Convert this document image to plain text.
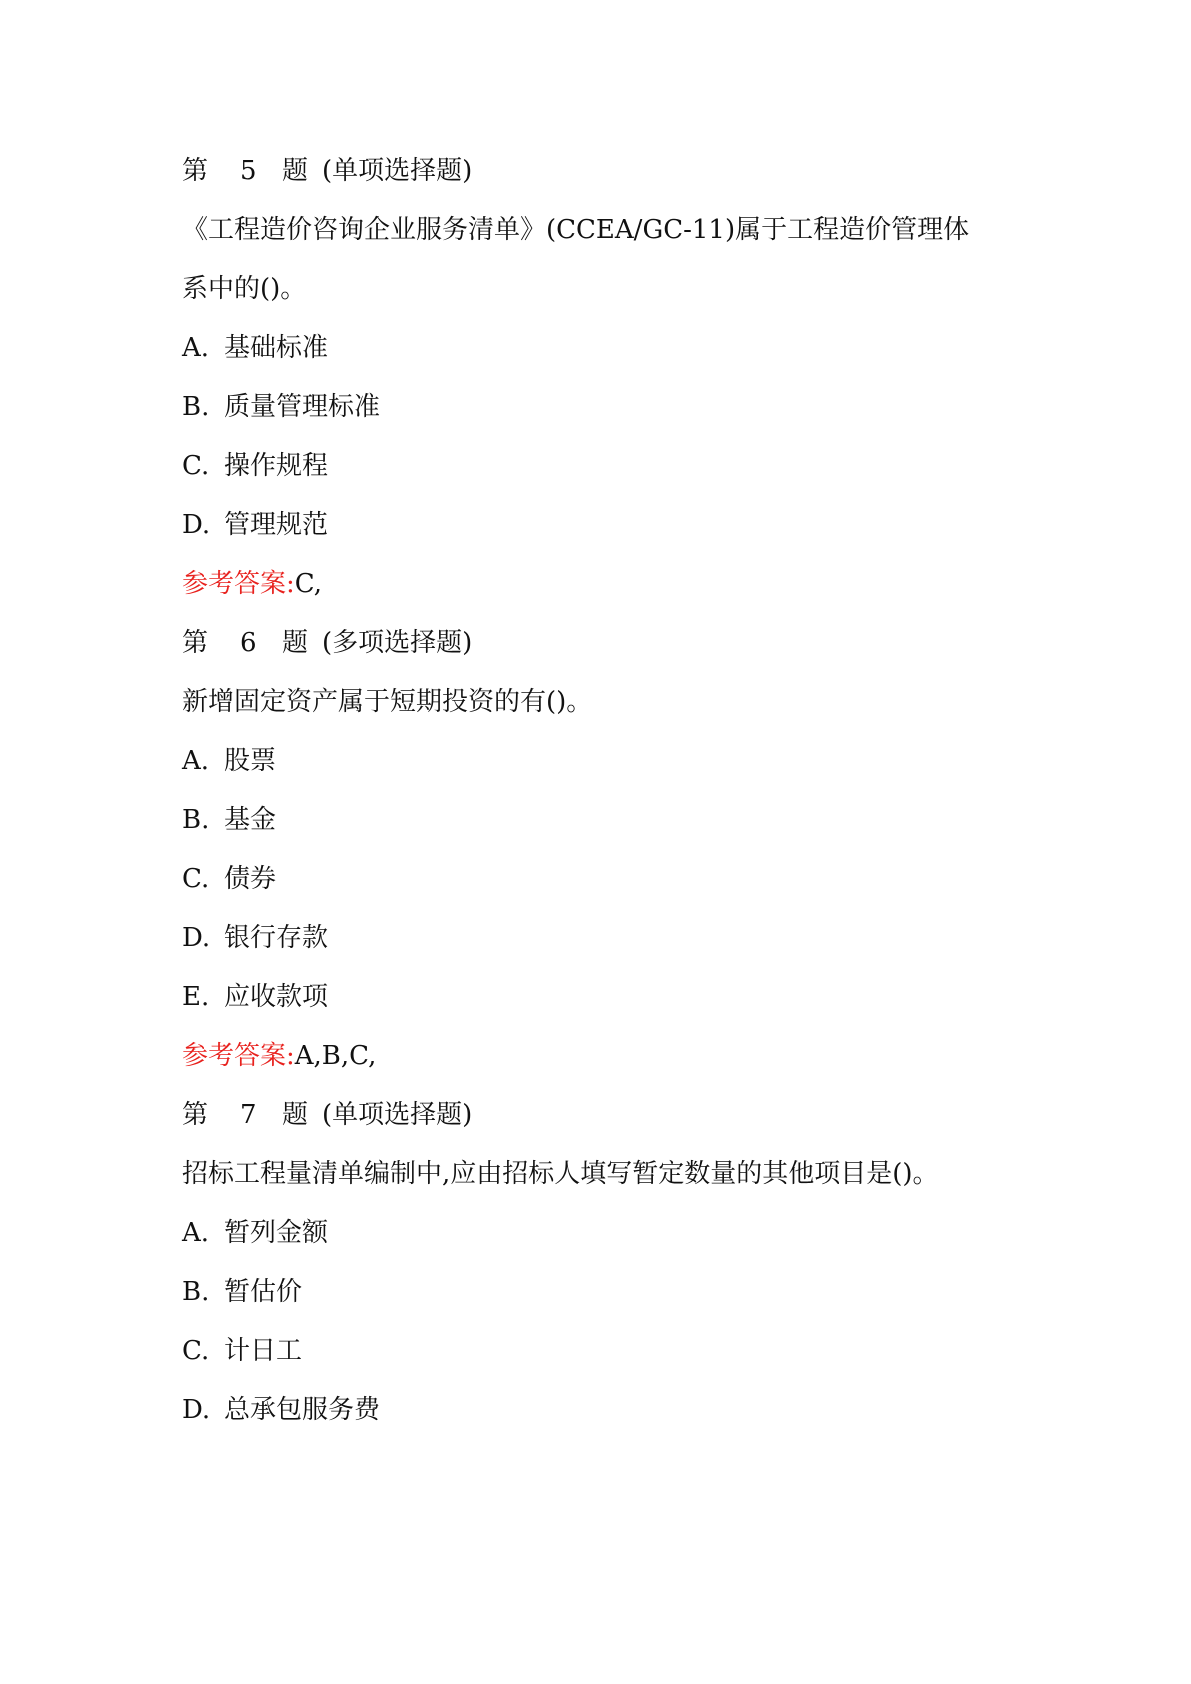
第 5 题 (单项选择题)
《工程造价咨询企业服务清单》(CCEA/GC-11)属于工程造价管理体
系中的()。
A. 基础标准
B. 质量管理标准
C. 操作规程
D. 管理规范
参考答案:C,
第 6 题 (多项选择题)
新增固定资产属于短期投资的有()。
A. 股票
B. 基金
C. 债券
D. 银行存款
E. 应收款项
参考答案:A,B,C,
第 7 题 (单项选择题)
招标工程量清单编制中,应由招标人填写暂定数量的其他项目是()。
A. 暂列金额
B. 暂估价
C. 计日工
D. 总承包服务费
